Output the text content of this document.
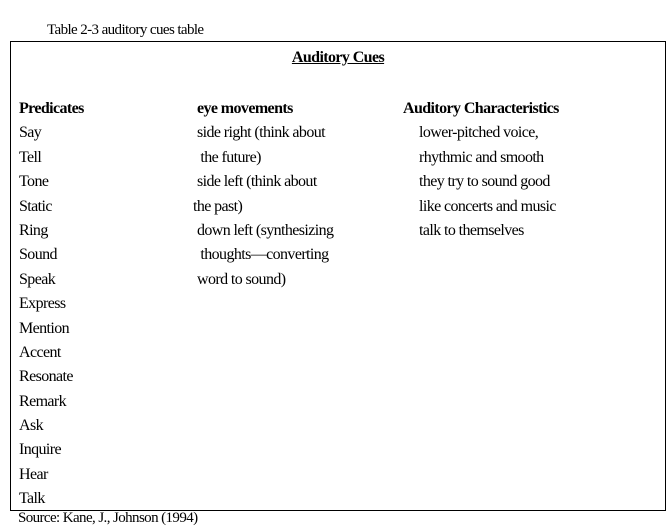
Table 2-3 auditory cues table
Auditory Cues
Predicates
Say
Tell
Tone
Static
Ring
Sound
Speak
Express
Mention
Accent
Resonate
Remark
Ask
Inquire
Hear
Talk
eye movements
side right (think about
the future)
side left (think about
the past)
down left (synthesizing
thoughts—converting
word to sound)
Auditory Characteristics
lower-pitched voice,
rhythmic and smooth
they try to sound good
like concerts and music
talk to themselves
Source: Kane, J., Johnson (1994)
